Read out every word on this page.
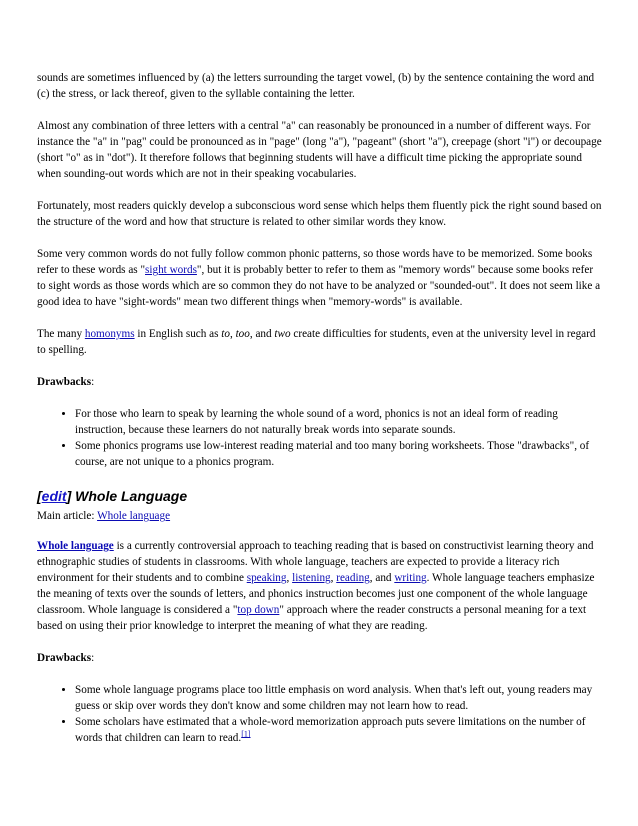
sounds are sometimes influenced by (a) the letters surrounding the target vowel, (b) by the sentence containing the word and (c) the stress, or lack thereof, given to the syllable containing the letter.

Almost any combination of three letters with a central "a" can reasonably be pronounced in a number of different ways. For instance the "a" in "pag" could be pronounced as in "page" (long "a"), "pageant" (short "a"), creepage (short "i") or decoupage (short "o" as in "dot"). It therefore follows that beginning students will have a difficult time picking the appropriate sound when sounding-out words which are not in their speaking vocabularies.

Fortunately, most readers quickly develop a subconscious word sense which helps them fluently pick the right sound based on the structure of the word and how that structure is related to other similar words they know.

Some very common words do not fully follow common phonic patterns, so those words have to be memorized. Some books refer to these words as "sight words", but it is probably better to refer to them as "memory words" because some books refer to sight words as those words which are so common they do not have to be analyzed or "sounded-out". It does not seem like a good idea to have "sight-words" mean two different things when "memory-words" is available.

The many homonyms in English such as to, too, and two create difficulties for students, even at the university level in regard to spelling.

Drawbacks:

• For those who learn to speak by learning the whole sound of a word, phonics is not an ideal form of reading instruction, because these learners do not naturally break words into separate sounds.
• Some phonics programs use low-interest reading material and too many boring worksheets. Those "drawbacks", of course, are not unique to a phonics program.
[edit] Whole Language
Main article: Whole language

Whole language is a currently controversial approach to teaching reading that is based on constructivist learning theory and ethnographic studies of students in classrooms. With whole language, teachers are expected to provide a literacy rich environment for their students and to combine speaking, listening, reading, and writing. Whole language teachers emphasize the meaning of texts over the sounds of letters, and phonics instruction becomes just one component of the whole language classroom. Whole language is considered a "top down" approach where the reader constructs a personal meaning for a text based on using their prior knowledge to interpret the meaning of what they are reading.

Drawbacks:

• Some whole language programs place too little emphasis on word analysis. When that's left out, young readers may guess or skip over words they don't know and some children may not learn how to read.
• Some scholars have estimated that a whole-word memorization approach puts severe limitations on the number of words that children can learn to read.[1]
